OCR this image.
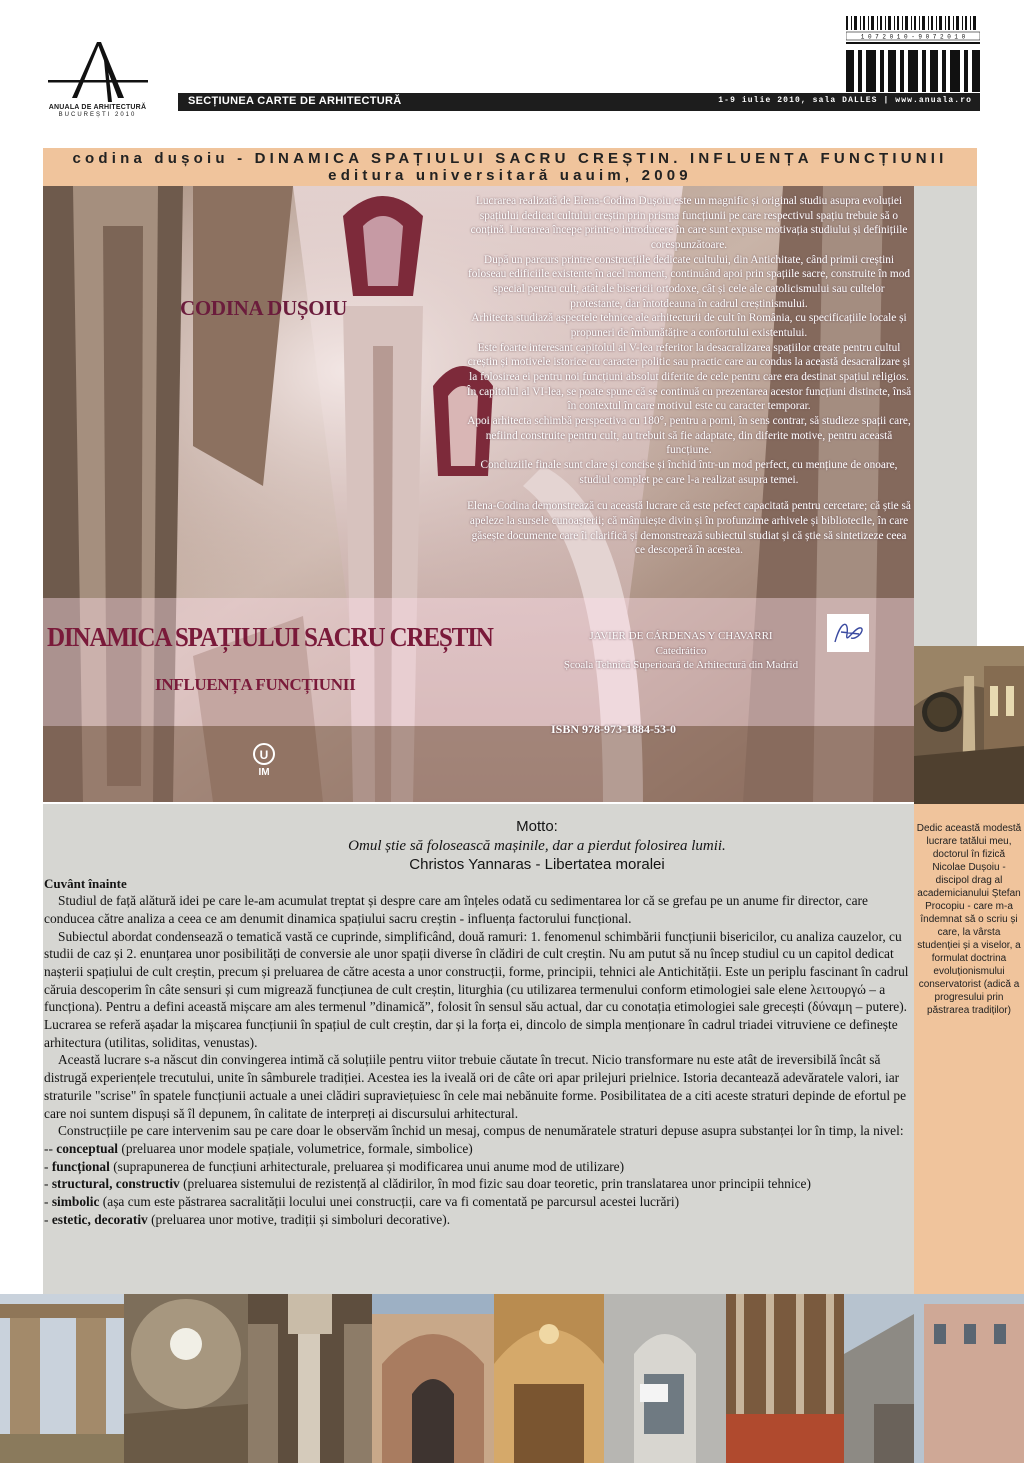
ANUALA DE ARHITECTURĂ
BUCUREȘTI 2010
1 0 7 2 0 1 0 - 9 0 7 2 0 1 0
SECȚIUNEA CARTE DE ARHITECTURĂ	1-9 iulie 2010, sala DALLES | www.anuala.ro
codina dușoiu - DINAMICA SPAȚIULUI SACRU CREȘTIN. INFLUENȚA FUNCȚIUNII
editura universitară uauim, 2009
CODINA DUȘOIU

Lucrarea realizată de Elena-Codina Dușoiu este un magnific și original studiu asupra evoluției spațiului dedicat cultului creștin prin prisma funcțiunii pe care respectivul spațiu trebuie să o conțină. Lucrarea începe printr-o introducere în care sunt expuse motivația studiului și definițiile corespunzătoare.

După un parcurs printre construcțiile dedicate cultului, din Antichitate, când primii creștini foloseau edificiile existente în acel moment, continuând apoi prin spațiile sacre, construite în mod special pentru cult, atât ale bisericii ortodoxe, cât și cele ale catolicismului sau cultelor protestante, dar întotdeauna în cadrul creștinismului.

Arhitecta studiază aspectele tehnice ale arhitecturii de cult în România, cu specificațiile locale și propuneri de îmbunătățire a confortului existentului.

Este foarte interesant capitolul al V-lea referitor la desacralizarea spațiilor create pentru cultul creștin și motivele istorice cu caracter politic sau practic care au condus la această desacralizare și la folosirea ei pentru noi funcțiuni absolut diferite de cele pentru care era destinat spațiul religios.

În capitolul al VI-lea, se poate spune că se continuă cu prezentarea acestor funcțiuni distincte, însă în contextul în care motivul este cu caracter temporar.

Apoi arhitecta schimbă perspectiva cu 180°, pentru a porni, în sens contrar, să studieze spații care, nefiind construite pentru cult, au trebuit să fie adaptate, din diferite motive, pentru această funcțiune.

Concluziile finale sunt clare și concise și închid într-un mod perfect, cu mențiune de onoare, studiul complet pe care l-a realizat asupra temei.

Elena-Codina demonstrează cu această lucrare că este pefect capacitată pentru cercetare; că știe să apeleze la sursele cunoașterii; că mânuiește divin și în profunzime arhivele și bibliotecile, în care găsește documente care îi clarifică și demonstrează subiectul studiat și că știe să sintetizeze ceea ce descoperă în acestea.

DINAMICA SPAȚIULUI SACRU CREȘTIN
INFLUENȚA FUNCȚIUNII
JAVIER DE CÁRDENAS Y CHAVARRI
Catedrático
Școala Tehnică Superioară de Arhitectură din Madrid
ISBN 978-973-1884-53-0
U
IM
Dedic această modestă lucrare tatălui meu, doctorul în fizică Nicolae Dușoiu - discipol drag al academicianului Ștefan Procopiu - care m-a îndemnat să o scriu și care, la vârsta studenției și a viselor, a formulat doctrina evoluționismului conservatorist (adică a progresului prin păstrarea tradiților)
Motto:
Omul știe să folosească mașinile, dar a pierdut folosirea lumii.
Christos Yannaras - Libertatea moralei
Cuvânt înainte

Studiul de față alătură idei pe care le-am acumulat treptat și despre care am înțeles odată cu sedimentarea lor că se grefau pe un anume fir director, care conducea către analiza a ceea ce am denumit dinamica spațiului sacru creștin - influența factorului funcțional.

Subiectul abordat condensează o tematică vastă ce cuprinde, simplificând, două ramuri: 1. fenomenul schimbării funcțiunii bisericilor, cu analiza cauzelor, cu studii de caz și 2. enunțarea unor posibilități de conversie ale unor spații diverse în clădiri de cult creștin. Nu am putut să nu încep studiul cu un capitol dedicat nașterii spațiului de cult creștin, precum și preluarea de către acesta a unor construcții, forme, principii, tehnici ale Antichității. Este un periplu fascinant în cadrul căruia descoperim în câte sensuri și cum migrează funcțiunea de cult creștin, liturghia (cu utilizarea termenului conform etimologiei sale elene λειτουργώ – a funcționa). Pentru a defini această mișcare am ales termenul ”dinamică”, folosit în sensul său actual, dar cu conotația etimologiei sale grecești (δύναμη – putere). Lucrarea se referă așadar la mișcarea funcțiunii în spațiul de cult creștin, dar și la forța ei, dincolo de simpla menționare în cadrul triadei vitruviene ce definește arhitectura (utilitas, soliditas, venustas).

Această lucrare s-a născut din convingerea intimă că soluțiile pentru viitor trebuie căutate în trecut. Nicio transformare nu este atât de ireversibilă încât să distrugă experiențele trecutului, unite în sâmburele tradiției. Acestea ies la iveală ori de câte ori apar prilejuri prielnice. Istoria decantează adevăratele valori, iar straturile "scrise" în spatele funcțiunii actuale a unei clădiri supraviețuiesc în cele mai nebănuite forme. Posibilitatea de a citi aceste straturi depinde de efortul pe care noi suntem dispuși să îl depunem, în calitate de interpreți ai discursului arhitectural.

Construcțiile pe care intervenim sau pe care doar le observăm închid un mesaj, compus de nenumăratele straturi depuse asupra substanței lor în timp, la nivel:

-- conceptual (preluarea unor modele spațiale, volumetrice, formale, simbolice)

- funcțional (suprapunerea de funcțiuni arhitecturale, preluarea și modificarea unui anume mod de utilizare)

- structural, constructiv (preluarea sistemului de rezistență al clădirilor, în mod fizic sau doar teoretic, prin translatarea unor principii tehnice)

- simbolic (așa cum este păstrarea sacralității locului unei construcții, care va fi comentată pe parcursul acestei lucrări)

- estetic, decorativ (preluarea unor motive, tradiții și simboluri decorative).
